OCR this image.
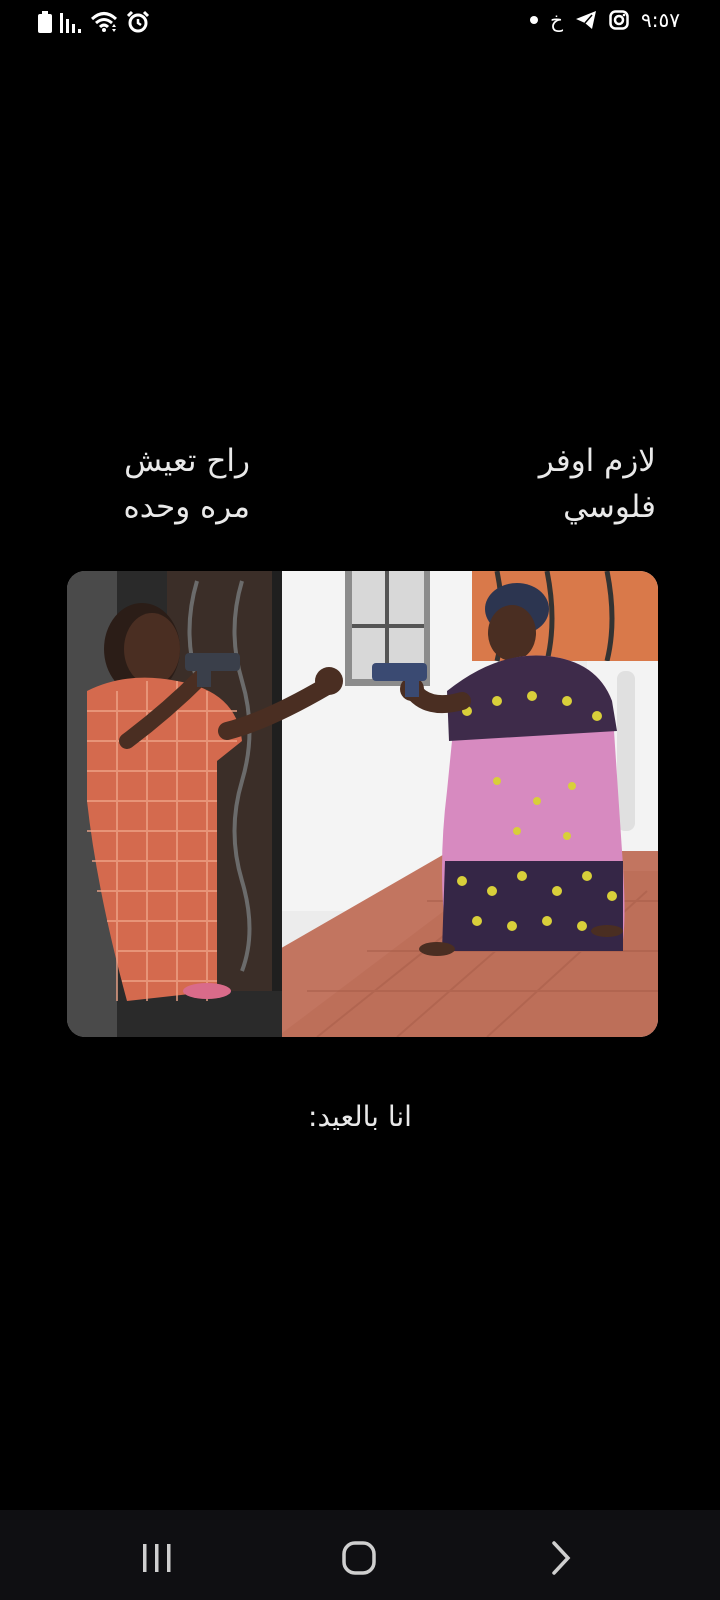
خ	٩:٥٧
لازم اوفر
فلوسي
راح تعيش
مره وحده
انا بالعيد:
